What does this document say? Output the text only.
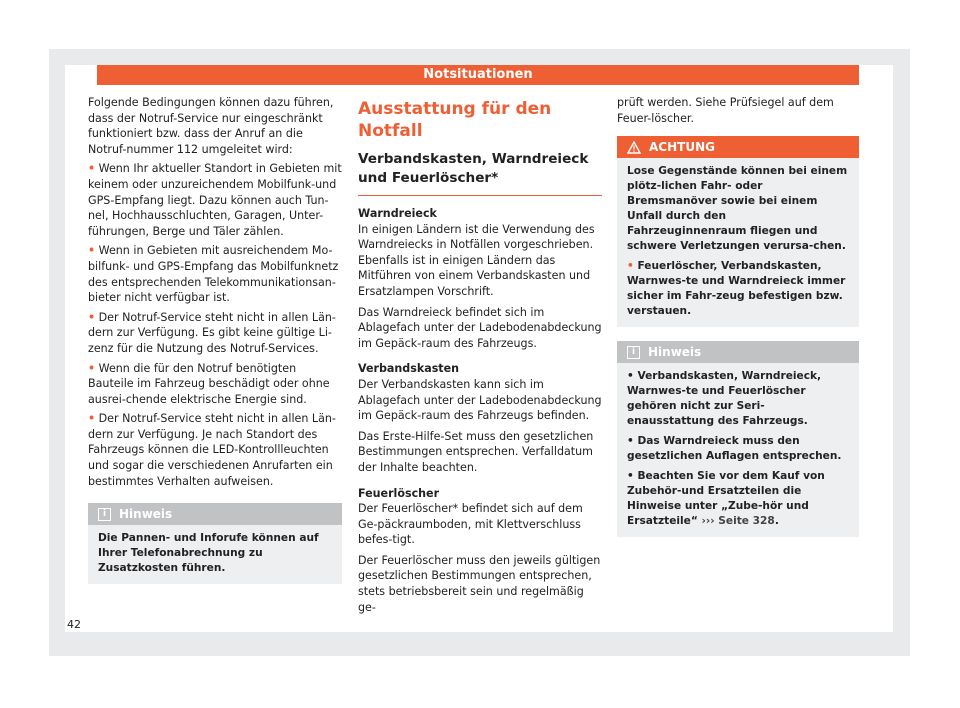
Notsituationen

Folgende Bedingungen können dazu führen, dass der Notruf-Service nur eingeschränkt funktioniert bzw. dass der Anruf an die Notruf-nummer 112 umgeleitet wird:

• Wenn Ihr aktueller Standort in Gebieten mit keinem oder unzureichendem Mobilfunk-und GPS-Empfang liegt. Dazu können auch Tun-nel, Hochhausschluchten, Garagen, Unter-führungen, Berge und Täler zählen.

• Wenn in Gebieten mit ausreichendem Mo-bilfunk- und GPS-Empfang das Mobilfunknetz des entsprechenden Telekommunikationsan-bieter nicht verfügbar ist.

• Der Notruf-Service steht nicht in allen Län-dern zur Verfügung. Es gibt keine gültige Li-zenz für die Nutzung des Notruf-Services.

• Wenn die für den Notruf benötigten Bauteile im Fahrzeug beschädigt oder ohne ausrei-chende elektrische Energie sind.

• Der Notruf-Service steht nicht in allen Län-dern zur Verfügung. Je nach Standort des Fahrzeugs können die LED-Kontrollleuchten und sogar die verschiedenen Anrufarten ein bestimmtes Verhalten aufweisen.

i Hinweis
Die Pannen- und Inforufe können auf Ihrer Telefonabrechnung zu Zusatzkosten führen.
Ausstattung für den Notfall
Verbandskasten, Warndreieck und Feuerlöscher*

Warndreieck

In einigen Ländern ist die Verwendung des Warndreiecks in Notfällen vorgeschrieben. Ebenfalls ist in einigen Ländern das Mitführen von einem Verbandskasten und Ersatzlampen Vorschrift.

Das Warndreieck befindet sich im Ablagefach unter der Ladebodenabdeckung im Gepäck-raum des Fahrzeugs.

Verbandskasten

Der Verbandskasten kann sich im Ablagefach unter der Ladebodenabdeckung im Gepäck-raum des Fahrzeugs befinden.

Das Erste-Hilfe-Set muss den gesetzlichen Bestimmungen entsprechen. Verfalldatum der Inhalte beachten.

Feuerlöscher

Der Feuerlöscher* befindet sich auf dem Ge-päckraumboden, mit Klettverschluss befes-tigt.

Der Feuerlöscher muss den jeweils gültigen gesetzlichen Bestimmungen entsprechen, stets betriebsbereit sein und regelmäßig ge-

prüft werden. Siehe Prüfsiegel auf dem Feuer-löscher.

ACHTUNG
Lose Gegenstände können bei einem plötz-lichen Fahr- oder Bremsmanöver sowie bei einem Unfall durch den Fahrzeuginnenraum fliegen und schwere Verletzungen verursa-chen.
• Feuerlöscher, Verbandskasten, Warnwes-te und Warndreieck immer sicher im Fahr-zeug befestigen bzw. verstauen.
i Hinweis
• Verbandskasten, Warndreieck, Warnwes-te und Feuerlöscher gehören nicht zur Seri-enausstattung des Fahrzeugs.
• Das Warndreieck muss den gesetzlichen Auflagen entsprechen.
• Beachten Sie vor dem Kauf von Zubehör-und Ersatzteilen die Hinweise unter „Zube-hör und Ersatzteile“ ››› Seite 328.
42
